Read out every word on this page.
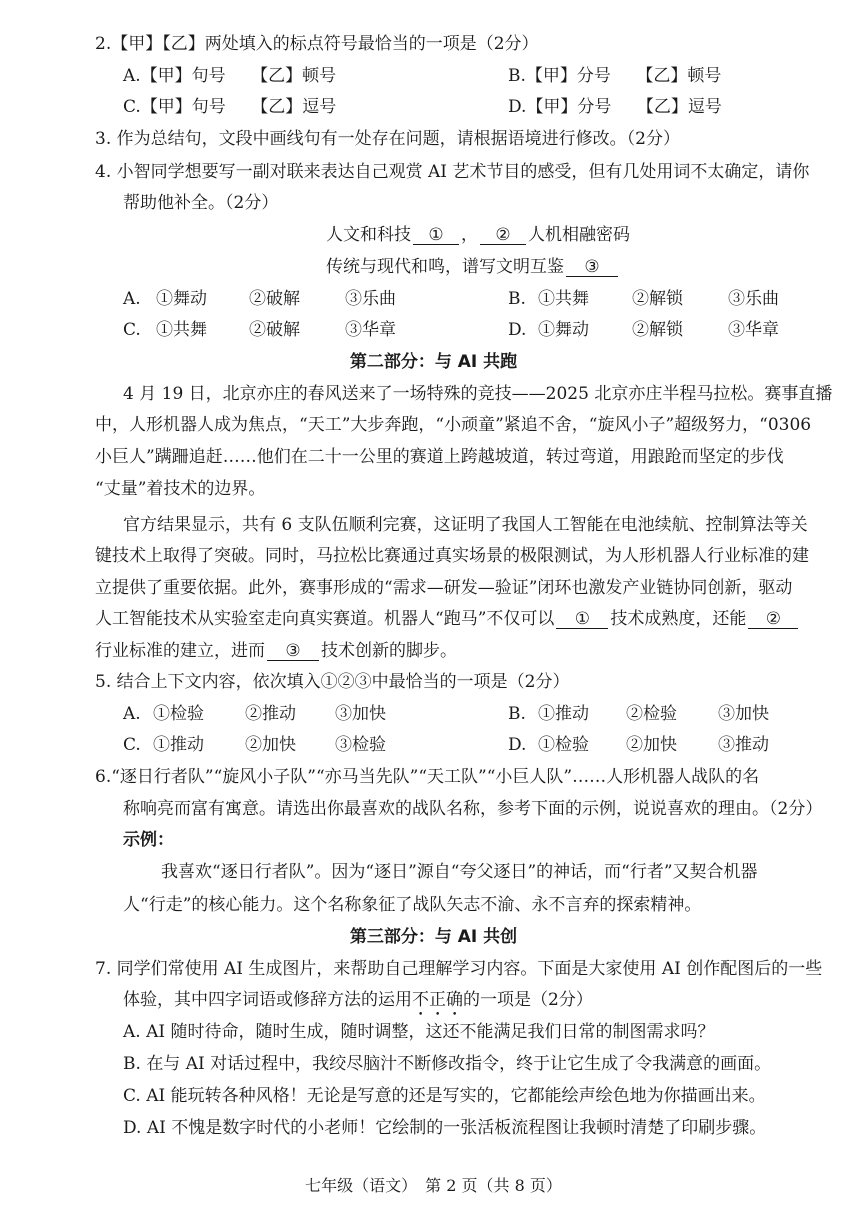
2.【甲】【乙】两处填入的标点符号最恰当的一项是（2分）
A.【甲】句号　　【乙】顿号	B.【甲】分号　　【乙】顿号
C.【甲】句号　　【乙】逗号	D.【甲】分号　　【乙】逗号
3. 作为总结句，文段中画线句有一处存在问题，请根据语境进行修改。（2分）
4. 小智同学想要写一副对联来表达自己观赏 AI 艺术节目的感受，但有几处用词不太确定，请你
帮助他补全。（2分）
人文和科技 ① ， ② 人机相融密码
传统与现代和鸣，谱写文明互鉴 ③
A. ①舞动 ②破解	③乐曲	B. ①共舞	②解锁	③乐曲
C. ①共舞 ②破解	③华章	D. ①舞动	②解锁	③华章
第二部分：与 AI 共跑
4 月 19 日，北京亦庄的春风送来了一场特殊的竞技——2025 北京亦庄半程马拉松。赛事直播
中，人形机器人成为焦点，“天工”大步奔跑，“小顽童”紧追不舍，“旋风小子”超级努力，“0306
小巨人”蹒跚追赶……他们在二十一公里的赛道上跨越坡道，转过弯道，用踉跄而坚定的步伐
“丈量”着技术的边界。
官方结果显示，共有 6 支队伍顺利完赛，这证明了我国人工智能在电池续航、控制算法等关
键技术上取得了突破。同时，马拉松比赛通过真实场景的极限测试，为人形机器人行业标准的建
立提供了重要依据。此外，赛事形成的“需求—研发—验证”闭环也激发产业链协同创新，驱动
人工智能技术从实验室走向真实赛道。机器人“跑马”不仅可以 ① 技术成熟度，还能 ②
行业标准的建立，进而 ③ 技术创新的脚步。
5. 结合上下文内容，依次填入①②③中最恰当的一项是（2分）
A. ①检验 ②推动 ③加快	B. ①推动 ②检验 ③加快
C. ①推动 ②加快 ③检验	D. ①检验 ②加快 ③推动
6.“逐日行者队”“旋风小子队”“亦马当先队”“天工队”“小巨人队”……人形机器人战队的名
称响亮而富有寓意。请选出你最喜欢的战队名称，参考下面的示例，说说喜欢的理由。（2分）
示例：
我喜欢“逐日行者队”。因为“逐日”源自“夸父逐日”的神话，而“行者”又契合机器
人“行走”的核心能力。这个名称象征了战队矢志不渝、永不言弃的探索精神。
第三部分：与 AI 共创
7. 同学们常使用 AI 生成图片，来帮助自己理解学习内容。下面是大家使用 AI 创作配图后的一些
体验，其中四字词语或修辞方法的运用不正确的一项是（2分）
A. AI 随时待命，随时生成，随时调整，这还不能满足我们日常的制图需求吗？
B. 在与 AI 对话过程中，我绞尽脑汁不断修改指令，终于让它生成了令我满意的画面。
C. AI 能玩转各种风格！无论是写意的还是写实的，它都能绘声绘色地为你描画出来。
D. AI 不愧是数字时代的小老师！它绘制的一张活板流程图让我顿时清楚了印刷步骤。
七年级（语文）　第 2 页（共 8 页）
